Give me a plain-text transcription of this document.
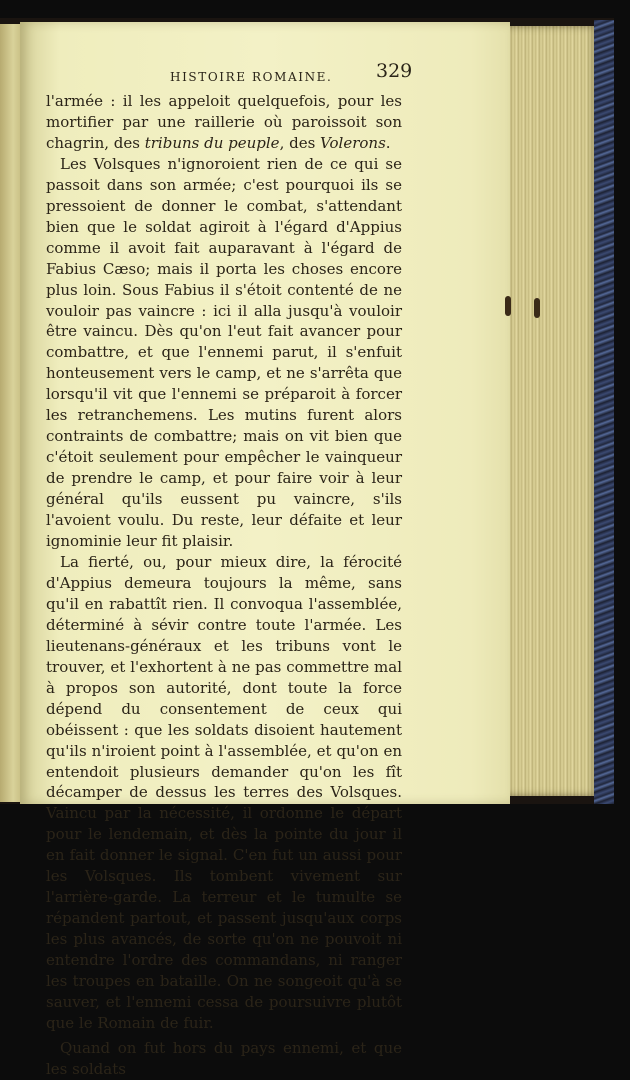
HISTOIRE ROMAINE. 329

l'armée : il les appeloit quelquefois, pour les mortifier par une raillerie où paroissoit son chagrin, des tribuns du peuple, des Volerons.

Les Volsques n'ignoroient rien de ce qui se passoit dans son armée; c'est pourquoi ils se pressoient de donner le combat, s'attendant bien que le soldat agiroit à l'égard d'Appius comme il avoit fait auparavant à l'égard de Fabius Cæso; mais il porta les choses encore plus loin. Sous Fabius il s'étoit contenté de ne vouloir pas vaincre : ici il alla jusqu'à vouloir être vaincu. Dès qu'on l'eut fait avancer pour combattre, et que l'ennemi parut, il s'enfuit honteusement vers le camp, et ne s'arrêta que lorsqu'il vit que l'ennemi se préparoit à forcer les retranchemens. Les mutins furent alors contraints de combattre; mais on vit bien que c'étoit seulement pour empêcher le vainqueur de prendre le camp, et pour faire voir à leur général qu'ils eussent pu vaincre, s'ils l'avoient voulu. Du reste, leur défaite et leur ignominie leur fit plaisir.

La fierté, ou, pour mieux dire, la férocité d'Appius demeura toujours la même, sans qu'il en rabattît rien. Il convoqua l'assemblée, déterminé à sévir contre toute l'armée. Les lieutenans-généraux et les tribuns vont le trouver, et l'exhortent à ne pas commettre mal à propos son autorité, dont toute la force dépend du consentement de ceux qui obéissent : que les soldats disoient hautement qu'ils n'iroient point à l'assemblée, et qu'on en entendoit plusieurs demander qu'on les fît décamper de dessus les terres des Volsques. Vaincu par la nécessité, il ordonne le départ pour le lendemain, et dès la pointe du jour il en fait donner le signal. C'en fut un aussi pour les Volsques. Ils tombent vivement sur l'arrière-garde. La terreur et le tumulte se répandent partout, et passent jusqu'aux corps les plus avancés, de sorte qu'on ne pouvoit ni entendre l'ordre des commandans, ni ranger les troupes en bataille. On ne songeoit qu'à se sauver, et l'ennemi cessa de poursuivre plutôt que le Romain de fuir.

Quand on fut hors du pays ennemi, et que les soldats
